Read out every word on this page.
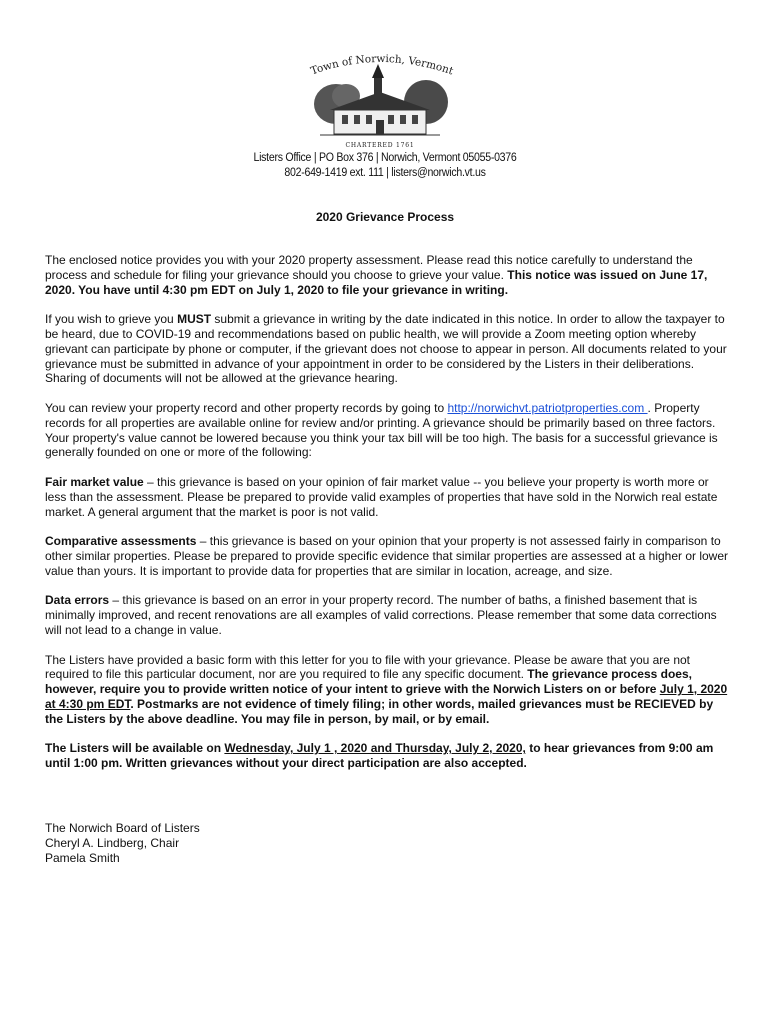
Town of Norwich, Vermont
CHARTERED 1761
Listers Office | PO Box 376 | Norwich, Vermont 05055-0376
802-649-1419 ext. 111 | listers@norwich.vt.us
2020 Grievance Process

The enclosed notice provides you with your 2020 property assessment. Please read this notice carefully to understand the process and schedule for filing your grievance should you choose to grieve your value. This notice was issued on June 17, 2020. You have until 4:30 pm EDT on July 1, 2020 to file your grievance in writing.

If you wish to grieve you MUST submit a grievance in writing by the date indicated in this notice. In order to allow the taxpayer to be heard, due to COVID-19 and recommendations based on public health, we will provide a Zoom meeting option whereby grievant can participate by phone or computer, if the grievant does not choose to appear in person. All documents related to your grievance must be submitted in advance of your appointment in order to be considered by the Listers in their deliberations. Sharing of documents will not be allowed at the grievance hearing.

You can review your property record and other property records by going to http://norwichvt.patriotproperties.com . Property records for all properties are available online for review and/or printing. A grievance should be primarily based on three factors. Your property's value cannot be lowered because you think your tax bill will be too high. The basis for a successful grievance is generally founded on one or more of the following:

Fair market value – this grievance is based on your opinion of fair market value -- you believe your property is worth more or less than the assessment. Please be prepared to provide valid examples of properties that have sold in the Norwich real estate market. A general argument that the market is poor is not valid.

Comparative assessments – this grievance is based on your opinion that your property is not assessed fairly in comparison to other similar properties. Please be prepared to provide specific evidence that similar properties are assessed at a higher or lower value than yours. It is important to provide data for properties that are similar in location, acreage, and size.

Data errors – this grievance is based on an error in your property record. The number of baths, a finished basement that is minimally improved, and recent renovations are all examples of valid corrections. Please remember that some data corrections will not lead to a change in value.

The Listers have provided a basic form with this letter for you to file with your grievance. Please be aware that you are not required to file this particular document, nor are you required to file any specific document. The grievance process does, however, require you to provide written notice of your intent to grieve with the Norwich Listers on or before July 1, 2020 at 4:30 pm EDT. Postmarks are not evidence of timely filing; in other words, mailed grievances must be RECIEVED by the Listers by the above deadline. You may file in person, by mail, or by email.

The Listers will be available on Wednesday, July 1 , 2020 and Thursday, July 2, 2020, to hear grievances from 9:00 am until 1:00 pm. Written grievances without your direct participation are also accepted.

The Norwich Board of Listers
Cheryl A. Lindberg, Chair
Pamela Smith
